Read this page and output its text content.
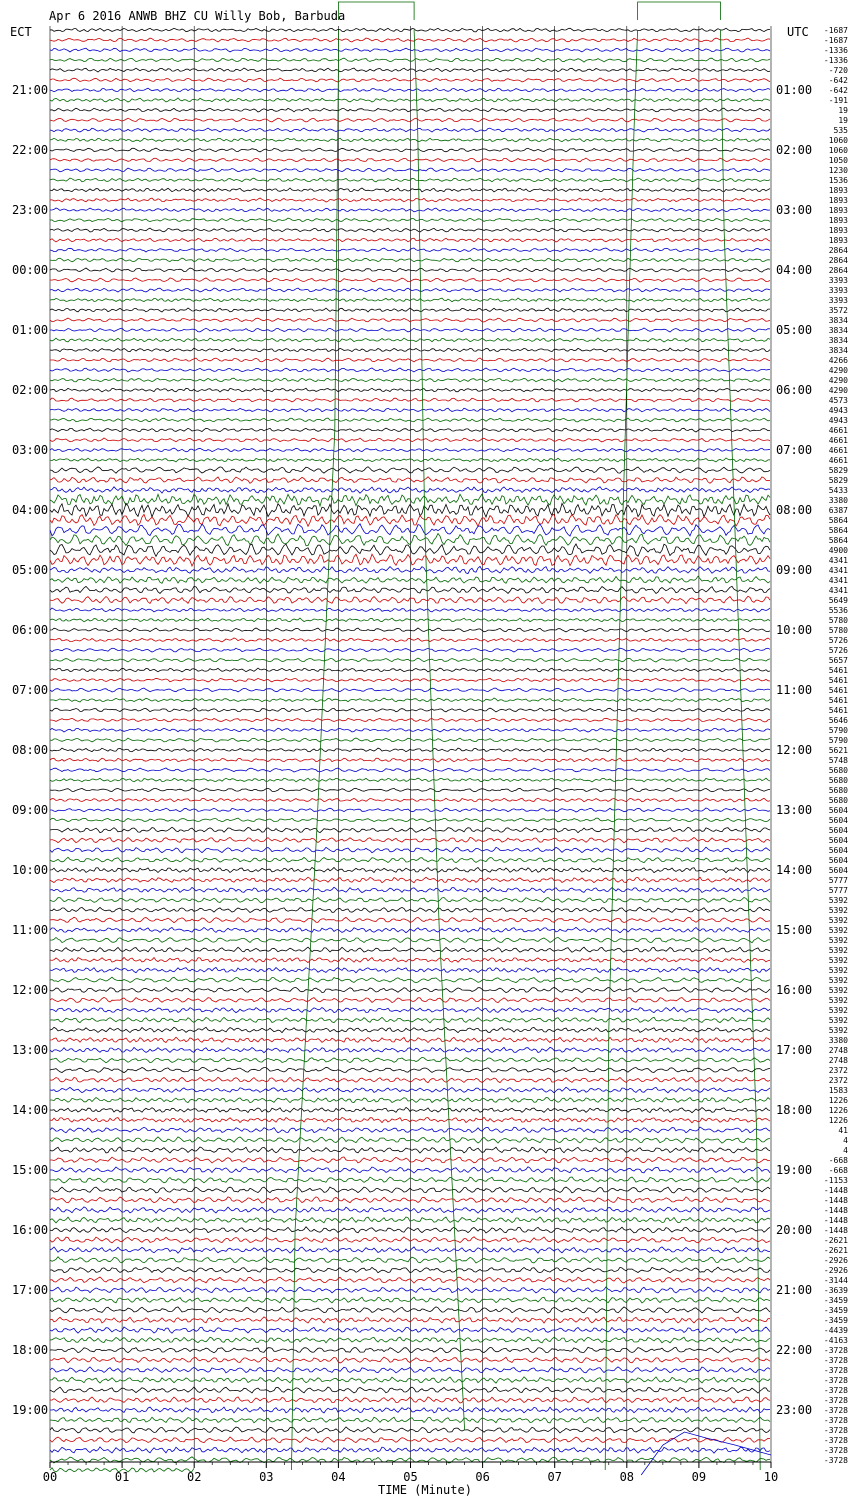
Apr 6 2016 ANWB BHZ CU Willy Bob, Barbuda
ECT	UTC
21:00
22:00
23:00
00:00
01:00
02:00
03:00
04:00
05:00
06:00
07:00
08:00
09:00
10:00
11:00
12:00
13:00
14:00
15:00
16:00
17:00
18:00
19:00
01:00
02:00
03:00
04:00
05:00
06:00
07:00
08:00
09:00
10:00
11:00
12:00
13:00
14:00
15:00
16:00
17:00
18:00
19:00
20:00
21:00
22:00
23:00
-1687
-1687
-1336
-1336
-720
-642
-642
-191
19
19
535
1060
1060
1050
1230
1536
1893
1893
1893
1893
1893
1893
2864
2864
2864
3393
3393
3393
3572
3834
3834
3834
3834
4266
4290
4290
4290
4573
4943
4943
4661
4661
4661
4661
5829
5829
5433
3380
6387
5864
5864
5864
4900
4341
4341
4341
4341
5649
5536
5780
5780
5726
5726
5657
5461
5461
5461
5461
5461
5646
5790
5790
5621
5748
5680
5680
5680
5680
5604
5604
5604
5604
5604
5604
5604
5777
5777
5392
5392
5392
5392
5392
5392
5392
5392
5392
5392
5392
5392
5392
5392
3380
2748
2748
2372
2372
1583
1226
1226
1226
41
4
4
-668
-668
-1153
-1448
-1448
-1448
-1448
-1448
-2621
-2621
-2926
-2926
-3144
-3639
-3459
-3459
-3459
-4439
-4163
-3728
-3728
-3728
-3728
-3728
-3728
-3728
-3728
-3728
-3728
-3728
-3728
00	01	02	03	04	05	06	07	08	09	10
TIME (Minute)
